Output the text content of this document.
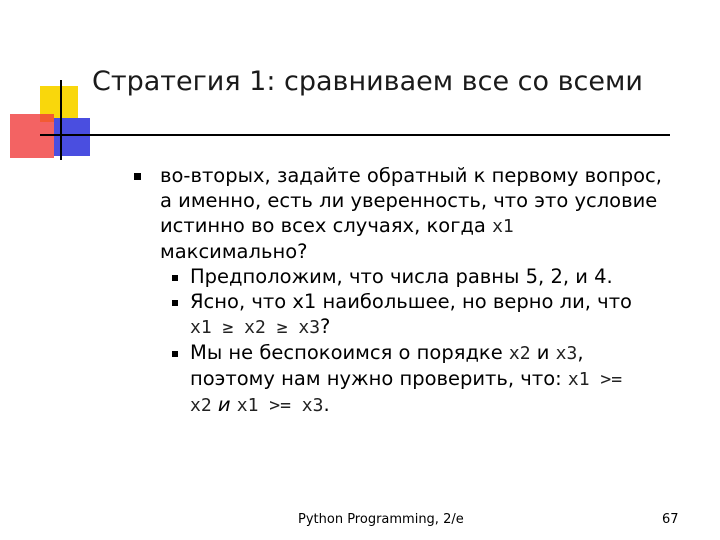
Стратегия 1: сравниваем все со всеми
во-вторых, задайте обратный к первому вопрос,
а именно, есть ли уверенность, что это условие
истинно во всех случаях, когда x1
максимально?
Предположим, что числа равны 5, 2, и 4.
Ясно, что x1 наибольшее, но верно ли, что
x1 ≥ x2 ≥ x3?
Мы не беспокоимся о порядке x2 и x3,
поэтому нам нужно проверить, что: x1 >=
x2 и x1 >= x3.
Python Programming, 2/e	67
